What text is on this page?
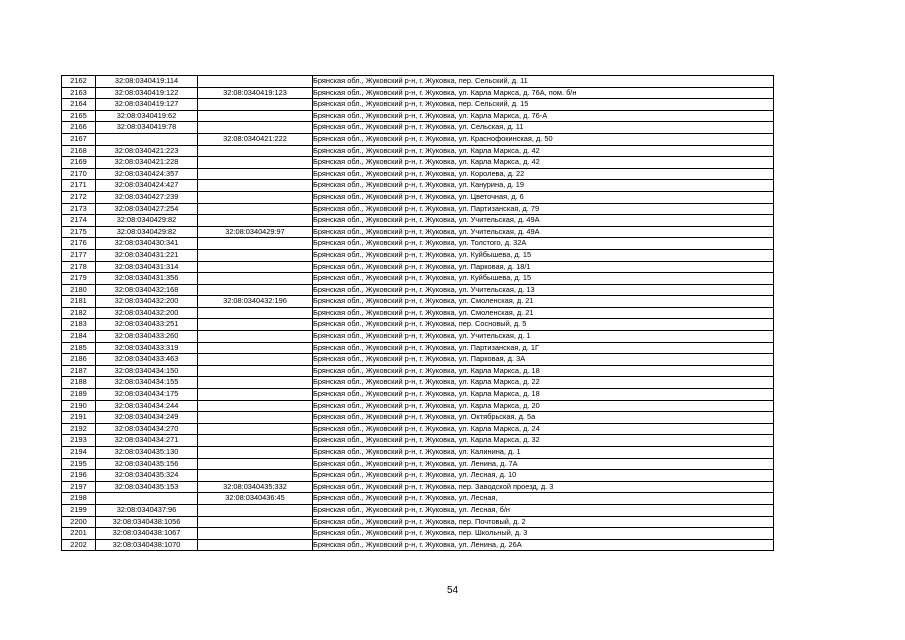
2162	32:08:0340419:114		Брянская обл., Жуковский р-н, г. Жуковка, пер. Сельский, д. 11
2163	32:08:0340419:122	32:08:0340419:123	Брянская обл., Жуковский р-н, г. Жуковка, ул. Карла Маркса, д. 76А, пом. б/н
2164	32:08:0340419:127		Брянская обл., Жуковский р-н, г. Жуковка, пер. Сельский, д. 15
2165	32:08:0340419:62		Брянская обл., Жуковский р-н, г. Жуковка, ул. Карла Маркса, д. 76-А
2166	32:08:0340419:78		Брянская обл., Жуковский р-н, г. Жуковка, ул. Сельская, д. 11
2167		32:08:0340421:222	Брянская обл., Жуковский р-н, г. Жуковка, ул. Краснофокинская, д. 50
2168	32:08:0340421:223		Брянская обл., Жуковский р-н, г. Жуковка, ул. Карла Маркса, д. 42
2169	32:08:0340421:228		Брянская обл., Жуковский р-н, г. Жуковка, ул. Карла Маркса, д. 42
2170	32:08:0340424:357		Брянская обл., Жуковский р-н, г. Жуковка, ул. Королева, д. 22
2171	32:08:0340424:427		Брянская обл., Жуковский р-н, г. Жуковка, ул. Канурина, д. 19
2172	32:08:0340427:239		Брянская обл., Жуковский р-н, г. Жуковка, ул. Цветочная, д. 6
2173	32:08:0340427:254		Брянская обл., Жуковский р-н, г. Жуковка, ул. Партизанская, д. 79
2174	32:08:0340429:82		Брянская обл., Жуковский р-н, г. Жуковка, ул. Учительская, д. 49А
2175	32:08:0340429:82	32:08:0340429:97	Брянская обл., Жуковский р-н, г. Жуковка, ул. Учительская, д. 49А
2176	32:08:0340430:341		Брянская обл., Жуковский р-н, г. Жуковка, ул. Толстого, д. 32А
2177	32:08:0340431:221		Брянская обл., Жуковский р-н, г. Жуковка, ул. Куйбышева, д. 15
2178	32:08:0340431:314		Брянская обл., Жуковский р-н, г. Жуковка, ул. Парковая, д. 18/1
2179	32:08:0340431:356		Брянская обл., Жуковский р-н, г. Жуковка, ул. Куйбышева, д. 15
2180	32:08:0340432:168		Брянская обл., Жуковский р-н, г. Жуковка, ул. Учительская, д. 13
2181	32:08:0340432:200	32:08:0340432:196	Брянская обл., Жуковский р-н, г. Жуковка, ул. Смоленская, д. 21
2182	32:08:0340432:200		Брянская обл., Жуковский р-н, г. Жуковка, ул. Смоленская, д. 21
2183	32:08:0340433:251		Брянская обл., Жуковский р-н, г. Жуковка, пер. Сосновый, д. 5
2184	32:08:0340433:260		Брянская обл., Жуковский р-н, г. Жуковка, ул. Учительская, д. 1
2185	32:08:0340433:319		Брянская обл., Жуковский р-н, г. Жуковка, ул. Партизанская, д. 1Г
2186	32:08:0340433:463		Брянская обл., Жуковский р-н, г. Жуковка, ул. Парковая, д. 3А
2187	32:08:0340434:150		Брянская обл., Жуковский р-н, г. Жуковка, ул. Карла Маркса, д. 18
2188	32:08:0340434:155		Брянская обл., Жуковский р-н, г. Жуковка, ул. Карла Маркса, д. 22
2189	32:08:0340434:175		Брянская обл., Жуковский р-н, г. Жуковка, ул. Карла Маркса, д. 18
2190	32:08:0340434:244		Брянская обл., Жуковский р-н, г. Жуковка, ул. Карла Маркса, д. 20
2191	32:08:0340434:249		Брянская обл., Жуковский р-н, г. Жуковка, ул. Октябрьская, д. 5а
2192	32:08:0340434:270		Брянская обл., Жуковский р-н, г. Жуковка, ул. Карла Маркса, д. 24
2193	32:08:0340434:271		Брянская обл., Жуковский р-н, г. Жуковка, ул. Карла Маркса, д. 32
2194	32:08:0340435:130		Брянская обл., Жуковский р-н, г. Жуковка, ул. Калинина, д. 1
2195	32:08:0340435:156		Брянская обл., Жуковский р-н, г. Жуковка, ул. Ленина, д. 7А
2196	32:08:0340435:324		Брянская обл., Жуковский р-н, г. Жуковка, ул. Лесная, д. 10
2197	32:08:0340435:153	32:08:0340435:332	Брянская обл., Жуковский р-н, г. Жуковка, пер. Заводской проезд, д. 3
2198		32:08:0340436:45	Брянская обл., Жуковский р-н, г. Жуковка, ул. Лесная,
2199	32:08:0340437:96		Брянская обл., Жуковский р-н, г. Жуковка, ул. Лесная, б/н
2200	32:08:0340438:1056		Брянская обл., Жуковский р-н, г. Жуковка, пер. Почтовый, д. 2
2201	32:08:0340438:1067		Брянская обл., Жуковский р-н, г. Жуковка, пер. Школьный, д. 3
2202	32:08:0340438:1070		Брянская обл., Жуковский р-н, г. Жуковка, ул. Ленина, д. 26А
54
